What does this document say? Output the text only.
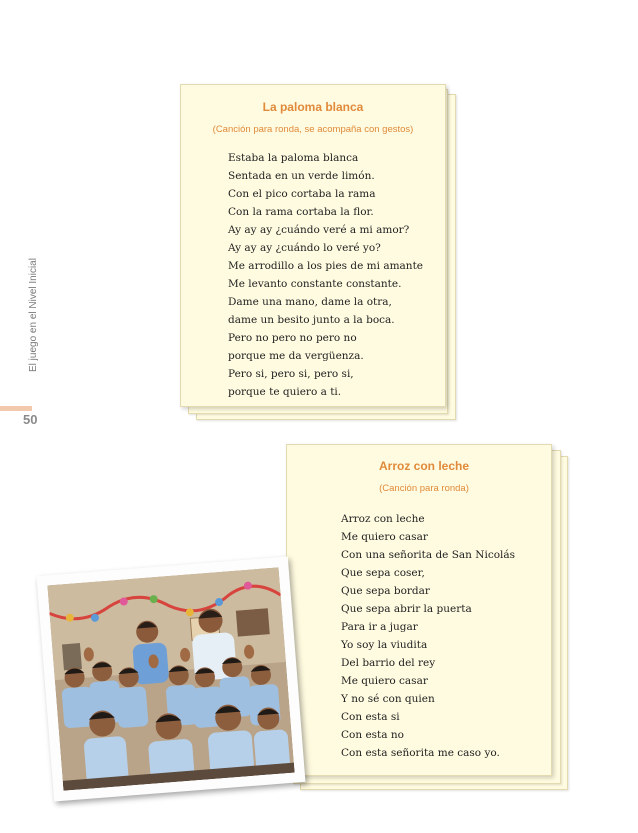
El juego en el Nivel Inicial
50
La paloma blanca
(Canción para ronda, se acompaña con gestos)
Estaba la paloma blanca
Sentada en un verde limón.
Con el pico cortaba la rama
Con la rama cortaba la flor.
Ay ay ay ¿cuándo veré a mi amor?
Ay ay ay ¿cuándo lo veré yo?
Me arrodillo a los pies de mi amante
Me levanto constante constante.
Dame una mano, dame la otra,
dame un besito junto a la boca.
Pero no pero no pero no
porque me da vergüenza.
Pero si, pero si, pero si,
porque te quiero a ti.
Arroz con leche
(Canción para ronda)
Arroz con leche
Me quiero casar
Con una señorita de San Nicolás
Que sepa coser,
Que sepa bordar
Que sepa abrir la puerta
Para ir a jugar
Yo soy la viudita
Del barrio del rey
Me quiero casar
Y no sé con quien
Con esta si
Con esta no
Con esta señorita me caso yo.
